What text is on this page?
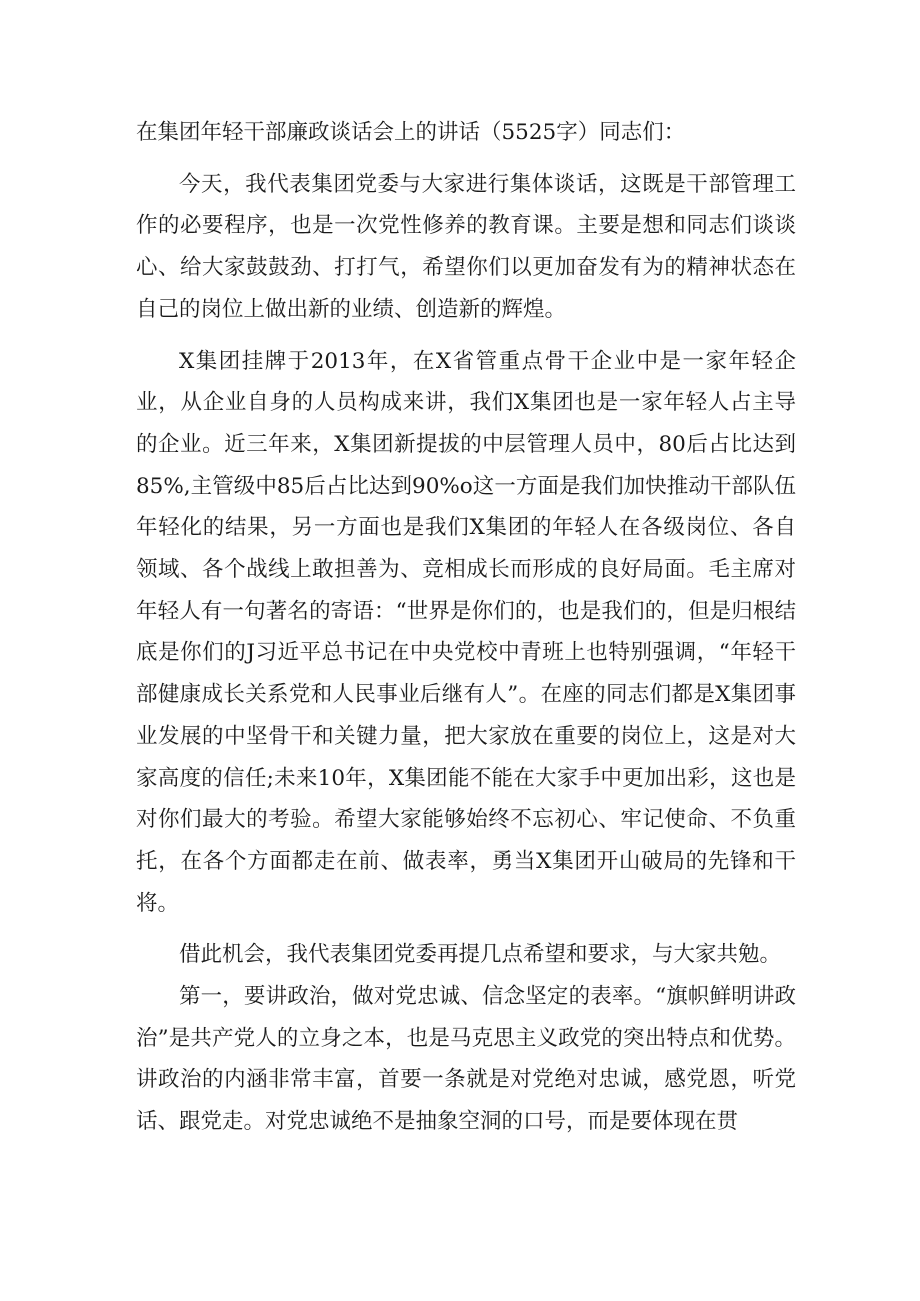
在集团年轻干部廉政谈话会上的讲话（5525字）同志们：

今天，我代表集团党委与大家进行集体谈话，这既是干部管理工作的必要程序，也是一次党性修养的教育课。主要是想和同志们谈谈心、给大家鼓鼓劲、打打气，希望你们以更加奋发有为的精神状态在自己的岗位上做出新的业绩、创造新的辉煌。

X集团挂牌于2013年，在X省管重点骨干企业中是一家年轻企业，从企业自身的人员构成来讲，我们X集团也是一家年轻人占主导的企业。近三年来，X集团新提拔的中层管理人员中，80后占比达到85%,主管级中85后占比达到90%o这一方面是我们加快推动干部队伍年轻化的结果，另一方面也是我们X集团的年轻人在各级岗位、各自领域、各个战线上敢担善为、竞相成长而形成的良好局面。毛主席对年轻人有一句著名的寄语：“世界是你们的，也是我们的，但是归根结底是你们的J习近平总书记在中央党校中青班上也特别强调，“年轻干部健康成长关系党和人民事业后继有人”。在座的同志们都是X集团事业发展的中坚骨干和关键力量，把大家放在重要的岗位上，这是对大家高度的信任;未来10年，X集团能不能在大家手中更加出彩，这也是对你们最大的考验。希望大家能够始终不忘初心、牢记使命、不负重托，在各个方面都走在前、做表率，勇当X集团开山破局的先锋和干将。

借此机会，我代表集团党委再提几点希望和要求，与大家共勉。

第一，要讲政治，做对党忠诚、信念坚定的表率。“旗帜鲜明讲政治”是共产党人的立身之本，也是马克思主义政党的突出特点和优势。讲政治的内涵非常丰富，首要一条就是对党绝对忠诚，感党恩，听党话、跟党走。对党忠诚绝不是抽象空洞的口号，而是要体现在贯
